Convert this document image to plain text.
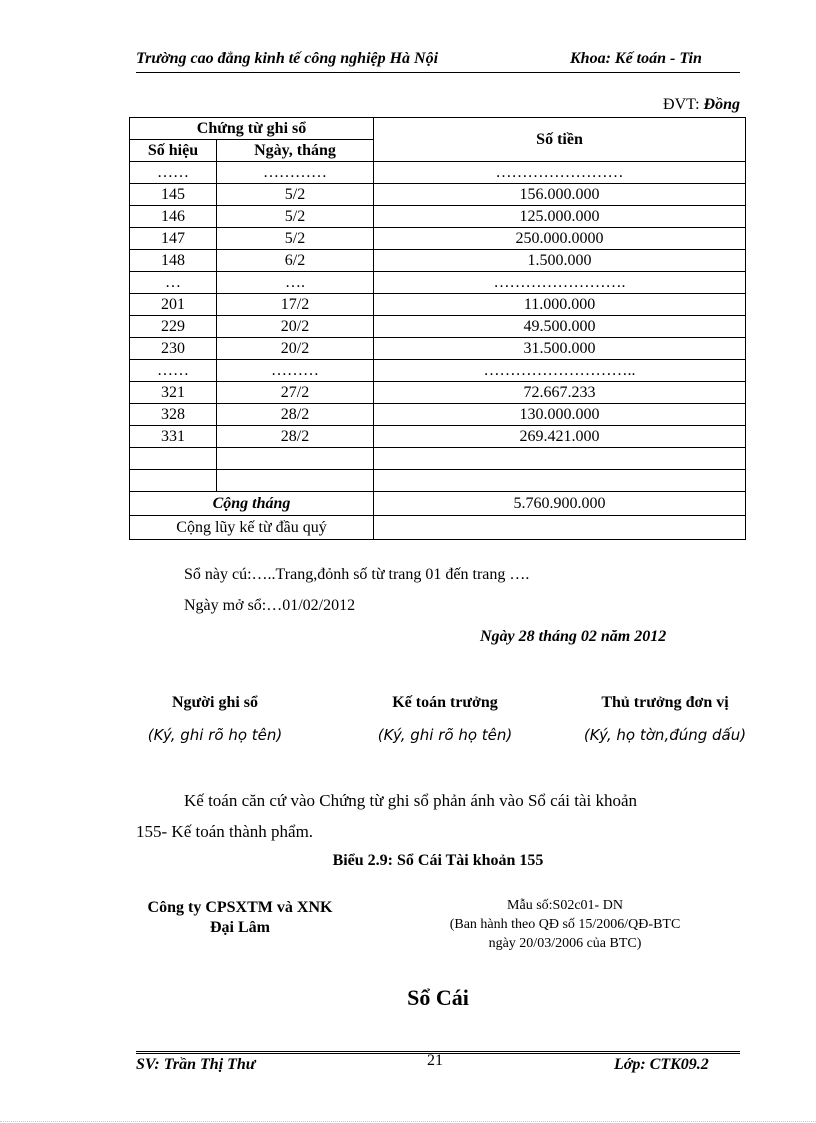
Trường cao đẳng kinh tế công nghiệp Hà Nội	Khoa: Kế toán - Tin
ĐVT: Đồng
Chứng từ ghi sổ		Số tiền
Số hiệu	Ngày, tháng	
……	…………	……………………
145	5/2	156.000.000
146	5/2	125.000.000
147	5/2	250.000.0000
148	6/2	1.500.000
…	….	…………………….
201	17/2	11.000.000
229	20/2	49.500.000
230	20/2	31.500.000
……	………	………………………..
321	27/2	72.667.233
328	28/2	130.000.000
331	28/2	269.421.000

Cộng tháng		5.760.900.000
Cộng lũy kế từ đầu quý		
Sổ này cú:…..Trang,đỏnh số từ trang 01 đến trang ….
Ngày mở sổ:…01/02/2012
Ngày 28 tháng 02 năm 2012
Người ghi sổ	Kế toán trưởng	Thủ trưởng đơn vị
(Ký, ghi rõ họ tên)	(Ký, ghi rõ họ tên)	(Ký, họ tờn,đúng dấu)
Kế toán căn cứ vào Chứng từ ghi sổ phản ánh vào Sổ cái tài khoản
155- Kế toán thành phẩm.
Biểu 2.9: Sổ Cái Tài khoản 155
Công ty CPSXTM và XNK
Đại Lâm
Mẫu số:S02c01- DN
(Ban hành theo QĐ số 15/2006/QĐ-BTC
ngày 20/03/2006 của BTC)
Sổ Cái
SV: Trần Thị Thư	21	Lớp: CTK09.2
